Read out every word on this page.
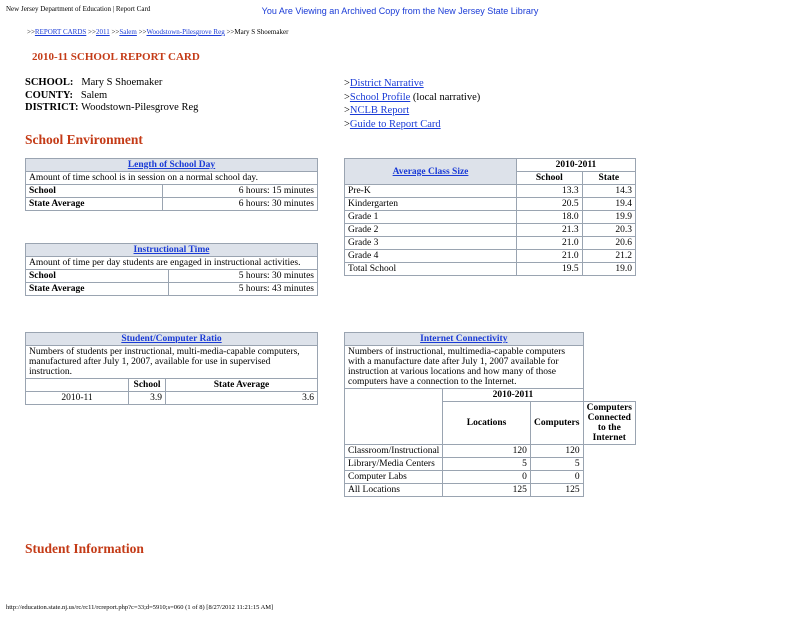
New Jersey Department of Education | Report Card	You Are Viewing an Archived Copy from the New Jersey State Library
>>REPORT CARDS >>2011 >>Salem >>Woodstown-Pilesgrove Reg >>Mary S Shoemaker
2010-11 SCHOOL REPORT CARD
SCHOOL: Mary S Shoemaker
COUNTY: Salem
DISTRICT: Woodstown-Pilesgrove Reg
>District Narrative
>School Profile (local narrative)
>NCLB Report
>Guide to Report Card
School Environment
Length of School Day	
Amount of time school is in session on a normal school day.	
School	6 hours: 15 minutes
State Average	6 hours: 30 minutes
Instructional Time	
Amount of time per day students are engaged in instructional activities.	
School	5 hours: 30 minutes
State Average	5 hours: 43 minutes
Student/Computer Ratio		
Numbers of students per instructional, multi-media-capable computers, manufactured after July 1, 2007, available for use in supervised instruction.		
	School	State Average
2010-11	3.9	3.6
Average Class Size	2010-2011	
	School	State
Pre-K	13.3	14.3
Kindergarten	20.5	19.4
Grade 1	18.0	19.9
Grade 2	21.3	20.3
Grade 3	21.0	20.6
Grade 4	21.0	21.2
Total School	19.5	19.0
Internet Connectivity			
Numbers of instructional, multimedia-capable computers with a manufacture date after July 1, 2007 available for instruction at various locations and how many of those computers have a connection to the Internet.			
	2010-2011		
	Locations	Computers	Computers Connected to the Internet
Classroom/Instructional	120	120	
Library/Media Centers	5	5	
Computer Labs	0	0	
All Locations	125	125	
Student Information
http://education.state.nj.us/rc/rc11/rcreport.php?c=33;d=5910;s=060 (1 of 8) [8/27/2012 11:21:15 AM]
